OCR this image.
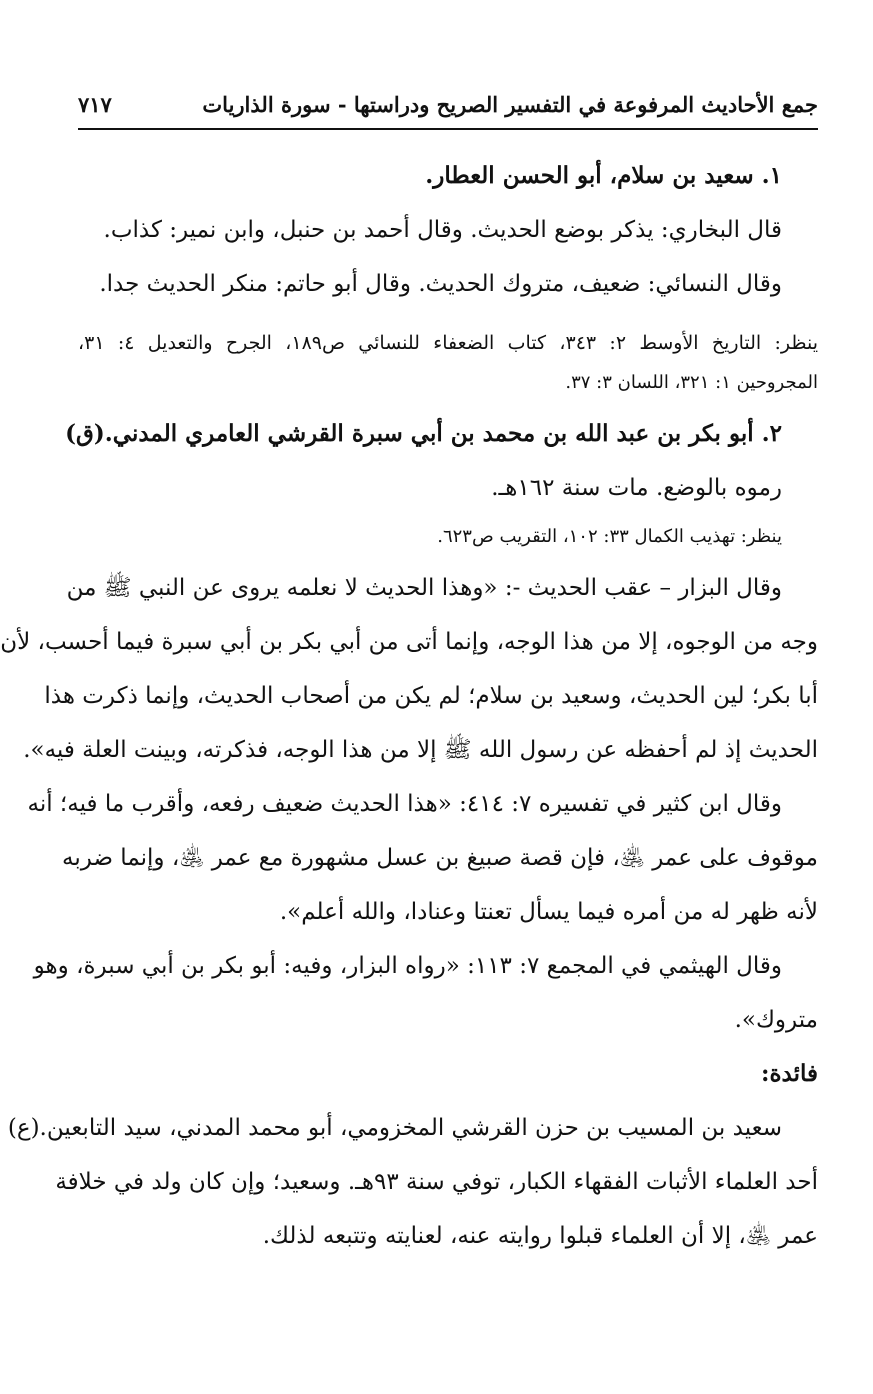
جمع الأحاديث المرفوعة في التفسير الصريح ودراستها - سورة الذاريات
٧١٧
١. سعيد بن سلام، أبو الحسن العطار.
قال البخاري: يذكر بوضع الحديث. وقال أحمد بن حنبل، وابن نمير: كذاب.
وقال النسائي: ضعيف، متروك الحديث. وقال أبو حاتم: منكر الحديث جدا.
ينظر: التاريخ الأوسط ٢: ٣٤٣، كتاب الضعفاء للنسائي ص١٨٩، الجرح والتعديل ٤: ٣١،
المجروحين ١: ٣٢١، اللسان ٣: ٣٧.
٢. أبو بكر بن عبد الله بن محمد بن أبي سبرة القرشي العامري المدني.(ق)
رموه بالوضع. مات سنة ١٦٢هـ.
ينظر: تهذيب الكمال ٣٣: ١٠٢، التقريب ص٦٢٣.
وقال البزار – عقب الحديث -: «وهذا الحديث لا نعلمه يروى عن النبي ﷺ من
وجه من الوجوه، إلا من هذا الوجه، وإنما أتى من أبي بكر بن أبي سبرة فيما أحسب، لأن
أبا بكر؛ لين الحديث، وسعيد بن سلام؛ لم يكن من أصحاب الحديث، وإنما ذكرت هذا
الحديث إذ لم أحفظه عن رسول الله ﷺ إلا من هذا الوجه، فذكرته، وبينت العلة فيه».
وقال ابن كثير في تفسيره ٧: ٤١٤: «هذا الحديث ضعيف رفعه، وأقرب ما فيه؛ أنه
موقوف على عمر ﵁، فإن قصة صبيغ بن عسل مشهورة مع عمر ﵁، وإنما ضربه
لأنه ظهر له من أمره فيما يسأل تعنتا وعنادا، والله أعلم».
وقال الهيثمي في المجمع ٧: ١١٣: «رواه البزار، وفيه: أبو بكر بن أبي سبرة، وهو
متروك».
فائدة:
سعيد بن المسيب بن حزن القرشي المخزومي، أبو محمد المدني، سيد التابعين.(ع)
أحد العلماء الأثبات الفقهاء الكبار، توفي سنة ٩٣هـ. وسعيد؛ وإن كان ولد في خلافة
عمر ﵁، إلا أن العلماء قبلوا روايته عنه، لعنايته وتتبعه لذلك.
